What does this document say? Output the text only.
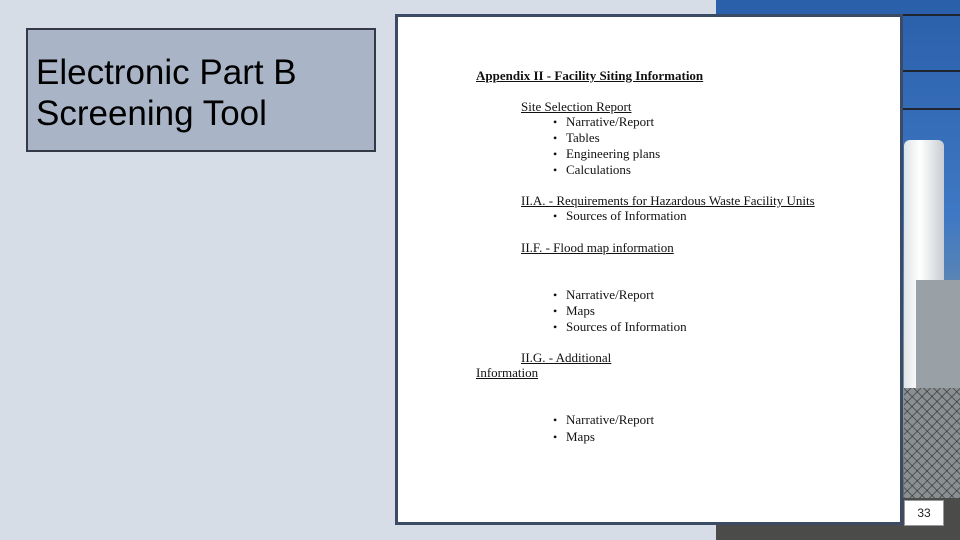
Electronic Part B
Screening Tool
Appendix II - Facility Siting Information
Site Selection Report
• Narrative/Report
• Tables
• Engineering plans
• Calculations
II.A. - Requirements for Hazardous Waste Facility Units
• Sources of Information
II.F. - Flood map information
• Narrative/Report
• Maps
• Sources of Information
II.G. - Additional
Information
• Narrative/Report
• Maps
33
